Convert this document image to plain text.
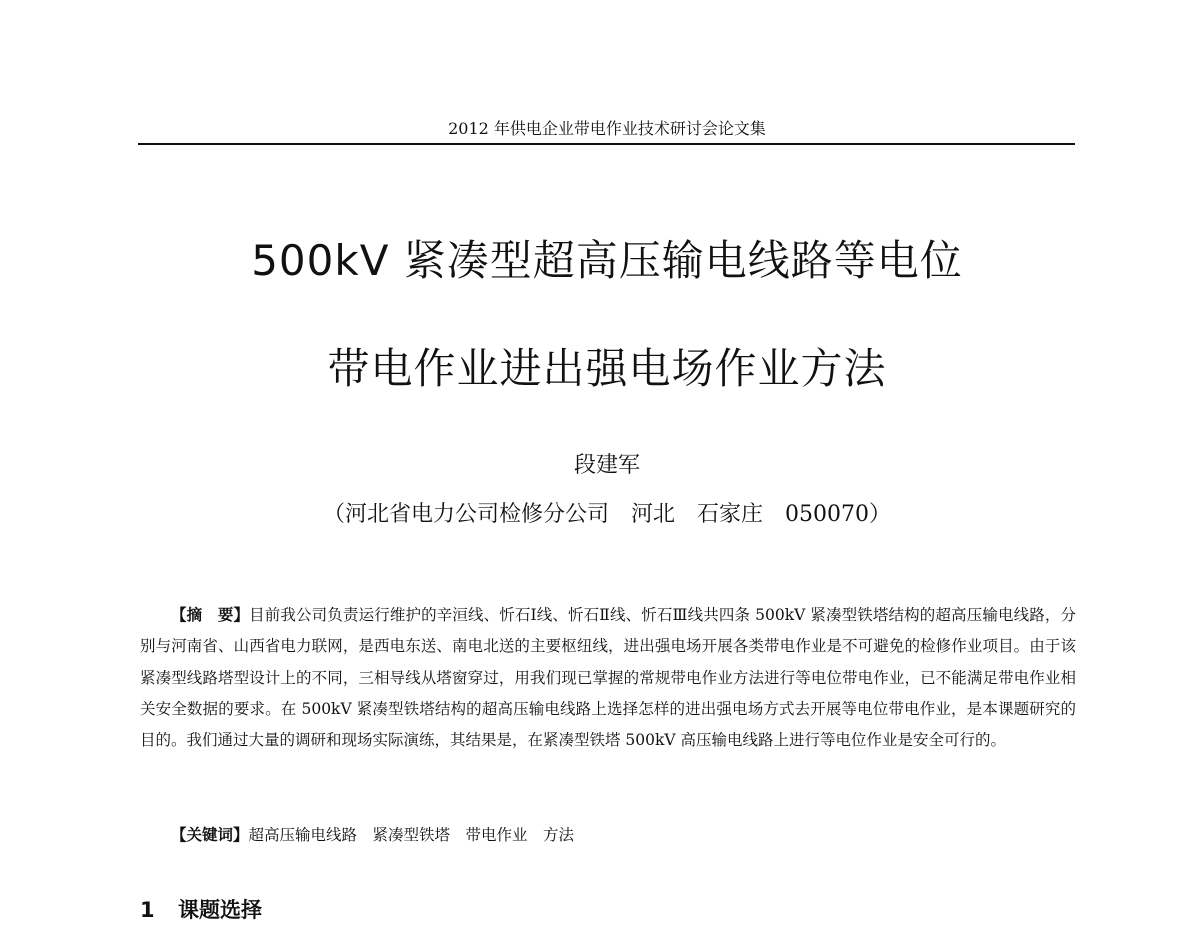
2012 年供电企业带电作业技术研讨会论文集
500kV 紧凑型超高压输电线路等电位
带电作业进出强电场作业方法
段建军
（河北省电力公司检修分公司　河北　石家庄　050070）

【摘　要】目前我公司负责运行维护的辛洹线、忻石Ⅰ线、忻石Ⅱ线、忻石Ⅲ线共四条 500kV 紧凑型铁塔结构的超高压输电线路，分别与河南省、山西省电力联网，是西电东送、南电北送的主要枢纽线，进出强电场开展各类带电作业是不可避免的检修作业项目。由于该紧凑型线路塔型设计上的不同，三相导线从塔窗穿过，用我们现已掌握的常规带电作业方法进行等电位带电作业，已不能满足带电作业相关安全数据的要求。在 500kV 紧凑型铁塔结构的超高压输电线路上选择怎样的进出强电场方式去开展等电位带电作业，是本课题研究的目的。我们通过大量的调研和现场实际演练，其结果是，在紧凑型铁塔 500kV 高压输电线路上进行等电位作业是安全可行的。

【关键词】超高压输电线路　紧凑型铁塔　带电作业　方法

1 课题选择
